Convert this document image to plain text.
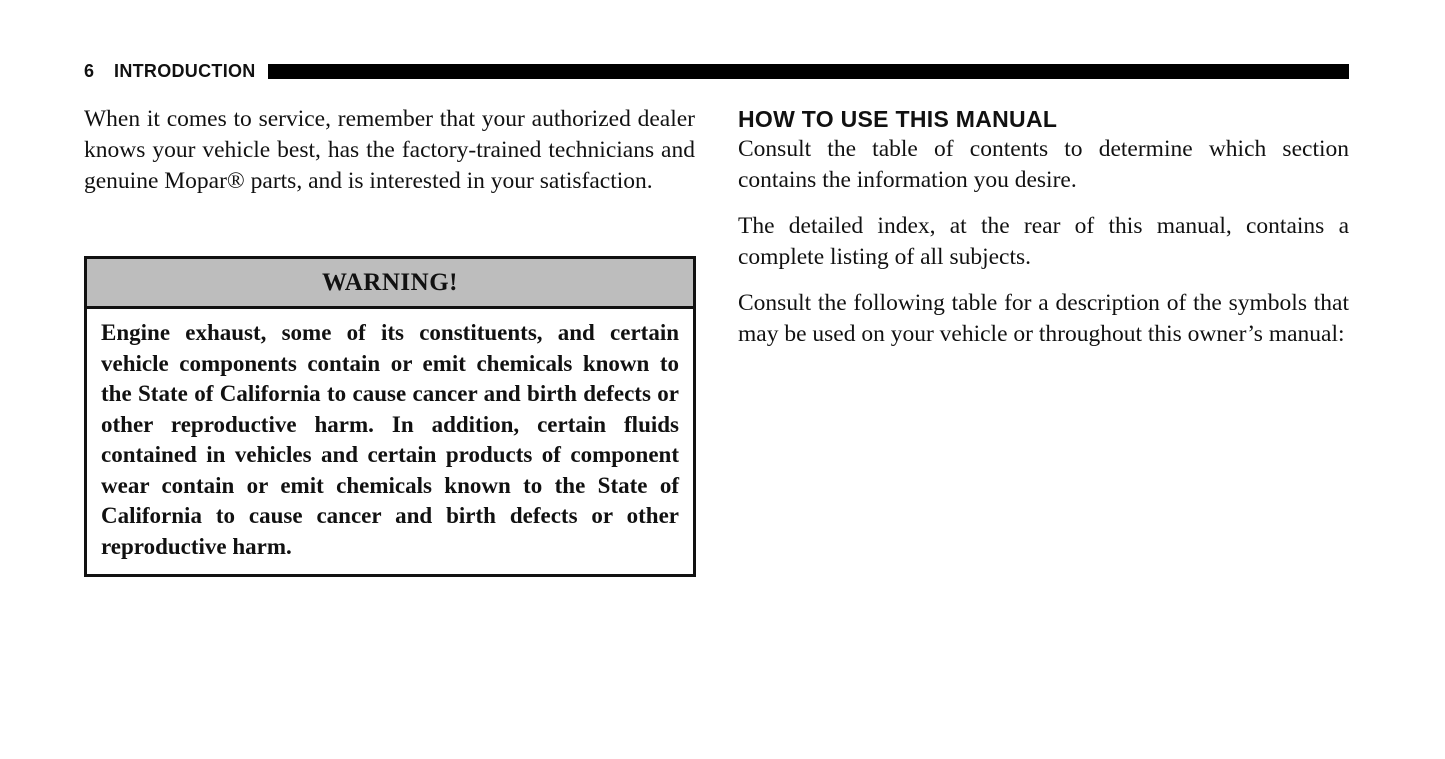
6 INTRODUCTION
When it comes to service, remember that your authorized dealer knows your vehicle best, has the factory-trained technicians and genuine Mopar® parts, and is interested in your satisfaction.
WARNING!
Engine exhaust, some of its constituents, and certain vehicle components contain or emit chemicals known to the State of California to cause cancer and birth defects or other reproductive harm. In addition, certain fluids contained in vehicles and certain products of component wear contain or emit chemicals known to the State of California to cause cancer and birth defects or other reproductive harm.
HOW TO USE THIS MANUAL

Consult the table of contents to determine which section contains the information you desire.

The detailed index, at the rear of this manual, contains a complete listing of all subjects.

Consult the following table for a description of the symbols that may be used on your vehicle or throughout this owner’s manual:
